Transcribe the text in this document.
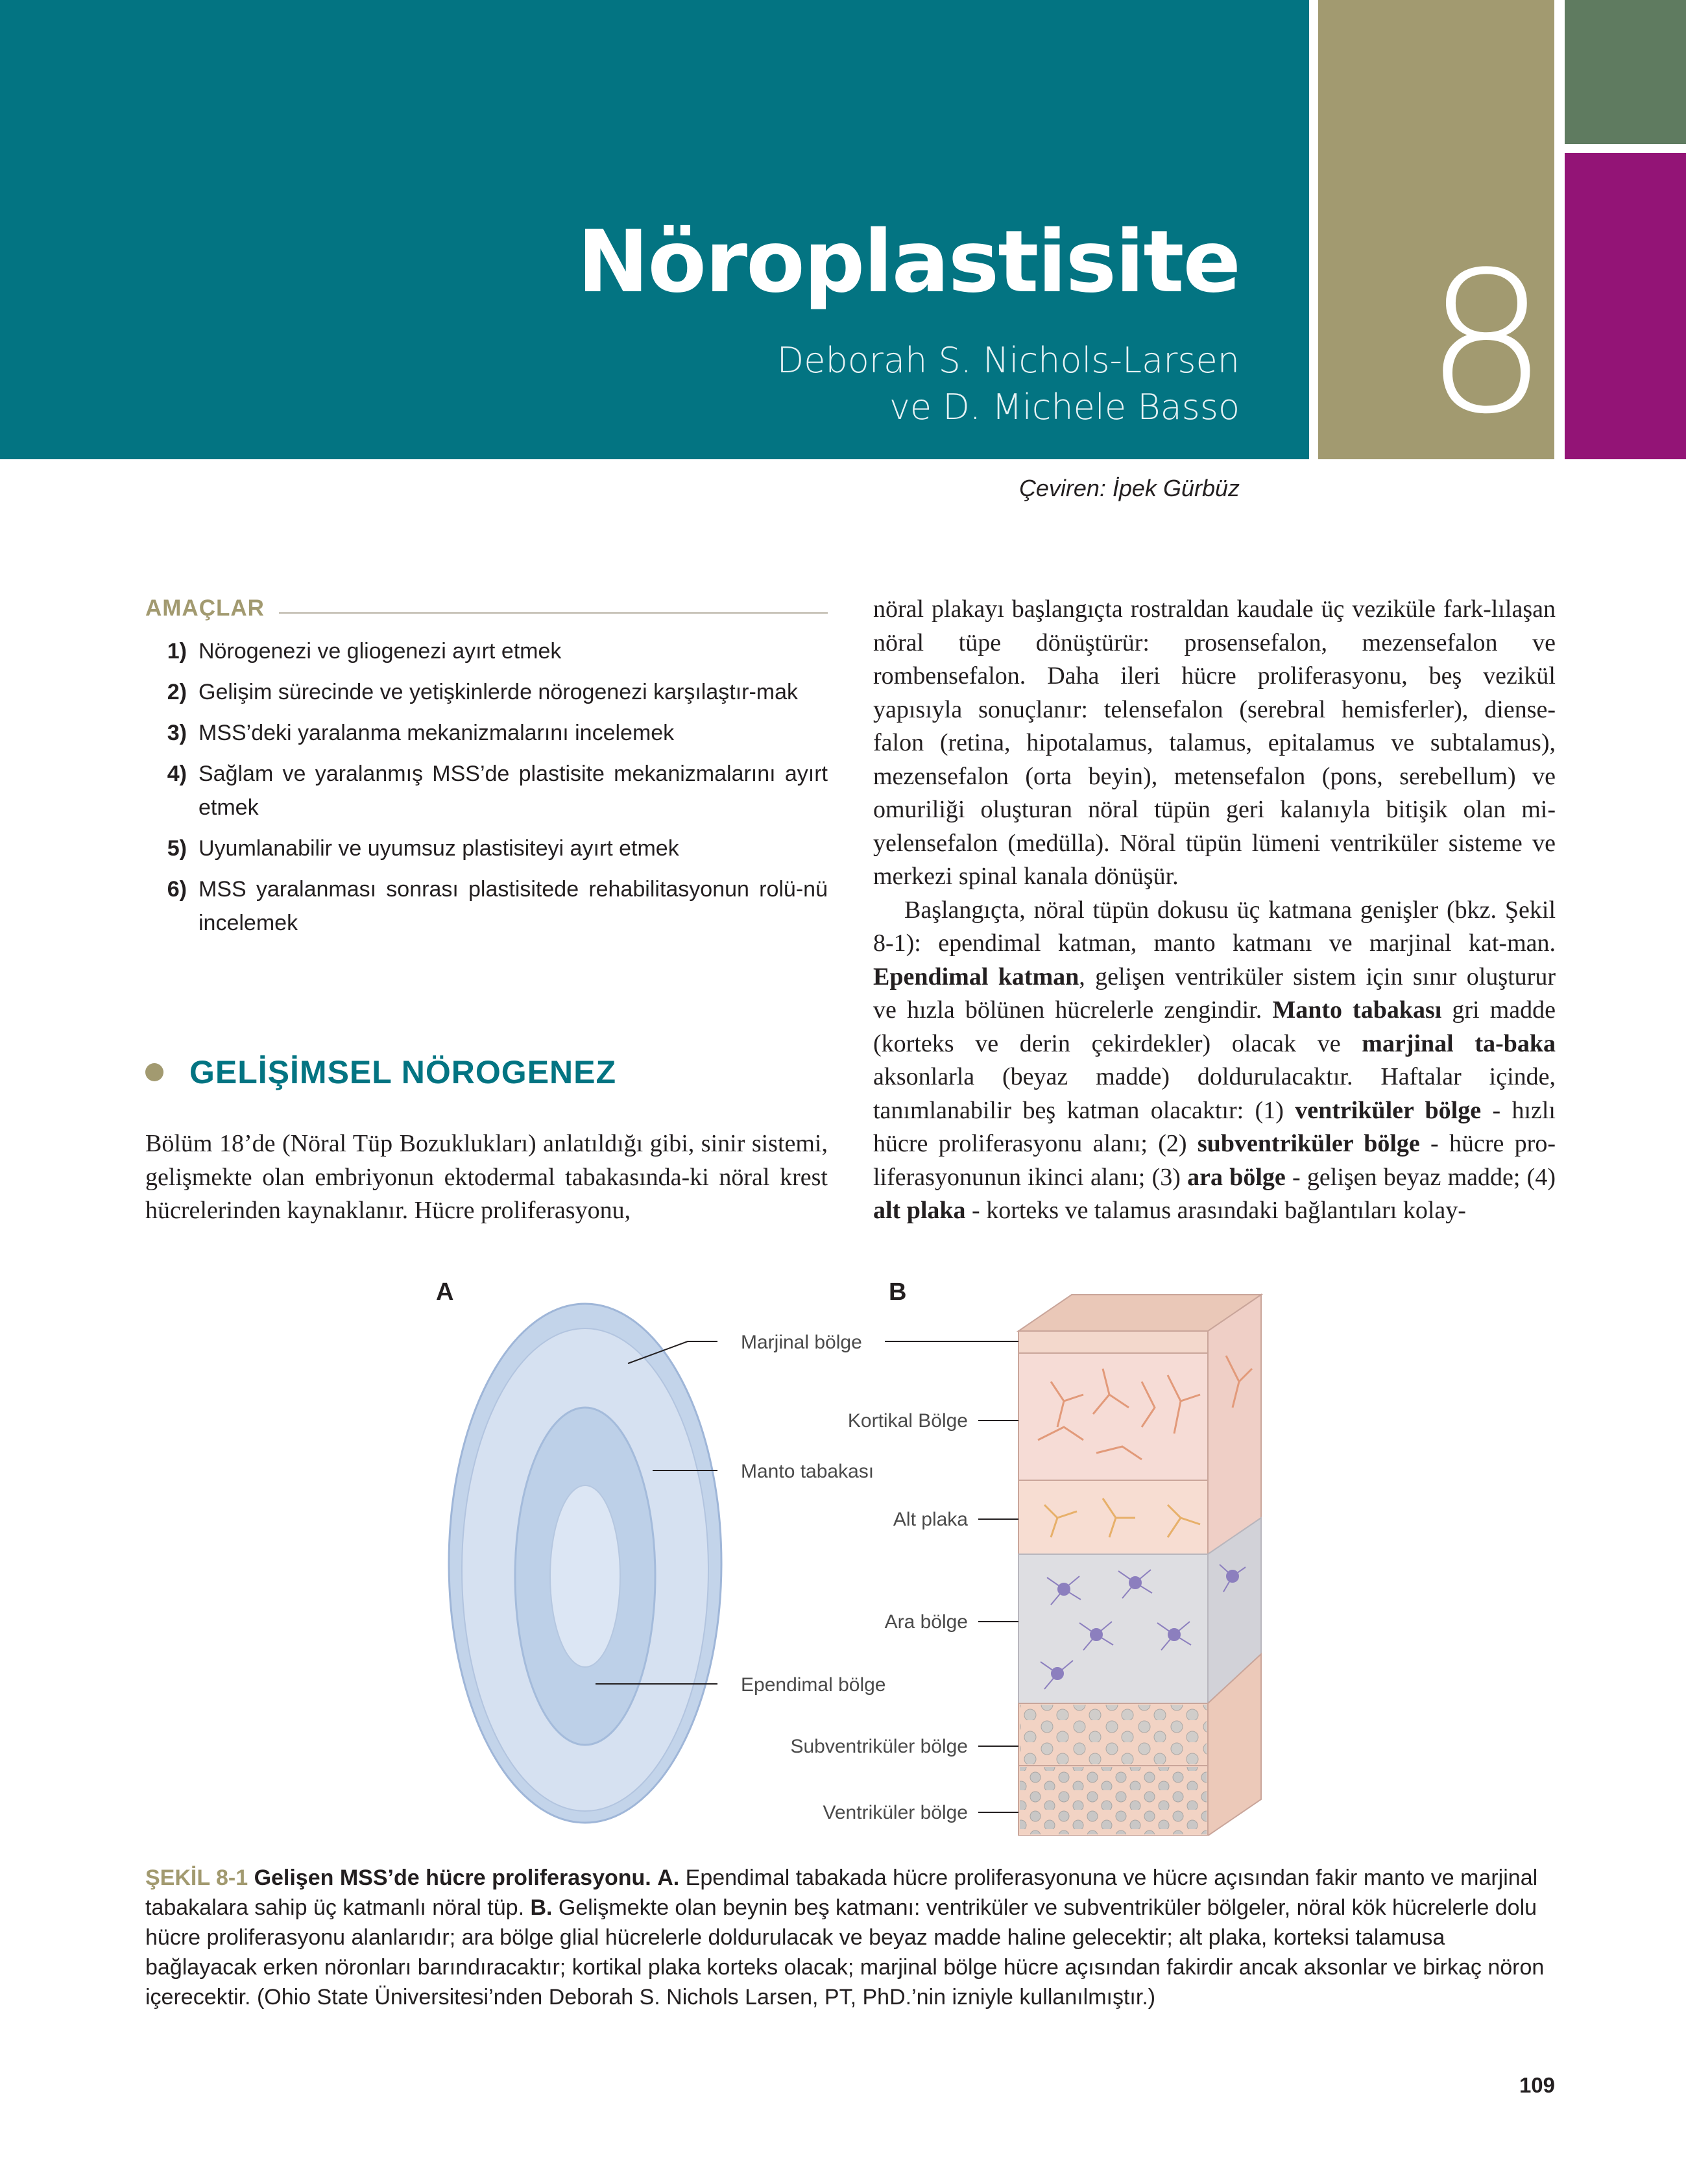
Nöroplastisite
Deborah S. Nichols-Larsen
ve D. Michele Basso 8
Çeviren: İpek Gürbüz
AMAÇLAR
1) Nörogenezi ve gliogenezi ayırt etmek
2) Gelişim sürecinde ve yetişkinlerde nörogenezi karşılaştır-mak
3) MSS’deki yaralanma mekanizmalarını incelemek
4) Sağlam ve yaralanmış MSS’de plastisite mekanizmalarını ayırt etmek
5) Uyumlanabilir ve uyumsuz plastisiteyi ayırt etmek
6) MSS yaralanması sonrası plastisitede rehabilitasyonun rolü-nü incelemek
GELİŞİMSEL NÖROGENEZ

Bölüm 18’de (Nöral Tüp Bozuklukları) anlatıldığı gibi, sinir sistemi, gelişmekte olan embriyonun ektodermal tabakasında-ki nöral krest hücrelerinden kaynaklanır. Hücre proliferasyonu,

nöral plakayı başlangıçta rostraldan kaudale üç veziküle fark-lılaşan nöral tüpe dönüştürür: prosensefalon, mezensefalon ve rombensefalon. Daha ileri hücre proliferasyonu, beş vezikül yapısıyla sonuçlanır: telensefalon (serebral hemisferler), diense-falon (retina, hipotalamus, talamus, epitalamus ve subtalamus), mezensefalon (orta beyin), metensefalon (pons, serebellum) ve omuriliği oluşturan nöral tüpün geri kalanıyla bitişik olan mi-yelensefalon (medülla). Nöral tüpün lümeni ventriküler sisteme ve merkezi spinal kanala dönüşür.

Başlangıçta, nöral tüpün dokusu üç katmana genişler (bkz. Şekil 8-1): ependimal katman, manto katmanı ve marjinal kat-man. Ependimal katman, gelişen ventriküler sistem için sınır oluşturur ve hızla bölünen hücrelerle zengindir. Manto tabakası gri madde (korteks ve derin çekirdekler) olacak ve marjinal ta-baka aksonlarla (beyaz madde) doldurulacaktır. Haftalar içinde, tanımlanabilir beş katman olacaktır: (1) ventriküler bölge - hızlı hücre proliferasyonu alanı; (2) subventriküler bölge - hücre pro-liferasyonunun ikinci alanı; (3) ara bölge - gelişen beyaz madde; (4) alt plaka - korteks ve talamus arasındaki bağlantıları kolay-

A	B
Marjinal bölge
Manto tabakası
Ependimal bölge
Kortikal Bölge
Alt plaka
Ara bölge
Subventriküler bölge
Ventriküler bölge
ŞEKİL 8-1 Gelişen MSS’de hücre proliferasyonu. A. Ependimal tabakada hücre proliferasyonuna ve hücre açısından fakir manto ve marjinal tabakalara sahip üç katmanlı nöral tüp. B. Gelişmekte olan beynin beş katmanı: ventriküler ve subventriküler bölgeler, nöral kök hücrelerle dolu hücre proliferasyonu alanlarıdır; ara bölge glial hücrelerle doldurulacak ve beyaz madde haline gelecektir; alt plaka, korteksi talamusa bağlayacak erken nöronları barındıracaktır; kortikal plaka korteks olacak; marjinal bölge hücre açısından fakirdir ancak aksonlar ve birkaç nöron içerecektir. (Ohio State Üniversitesi’nden Deborah S. Nichols Larsen, PT, PhD.’nin izniyle kullanılmıştır.)
109
